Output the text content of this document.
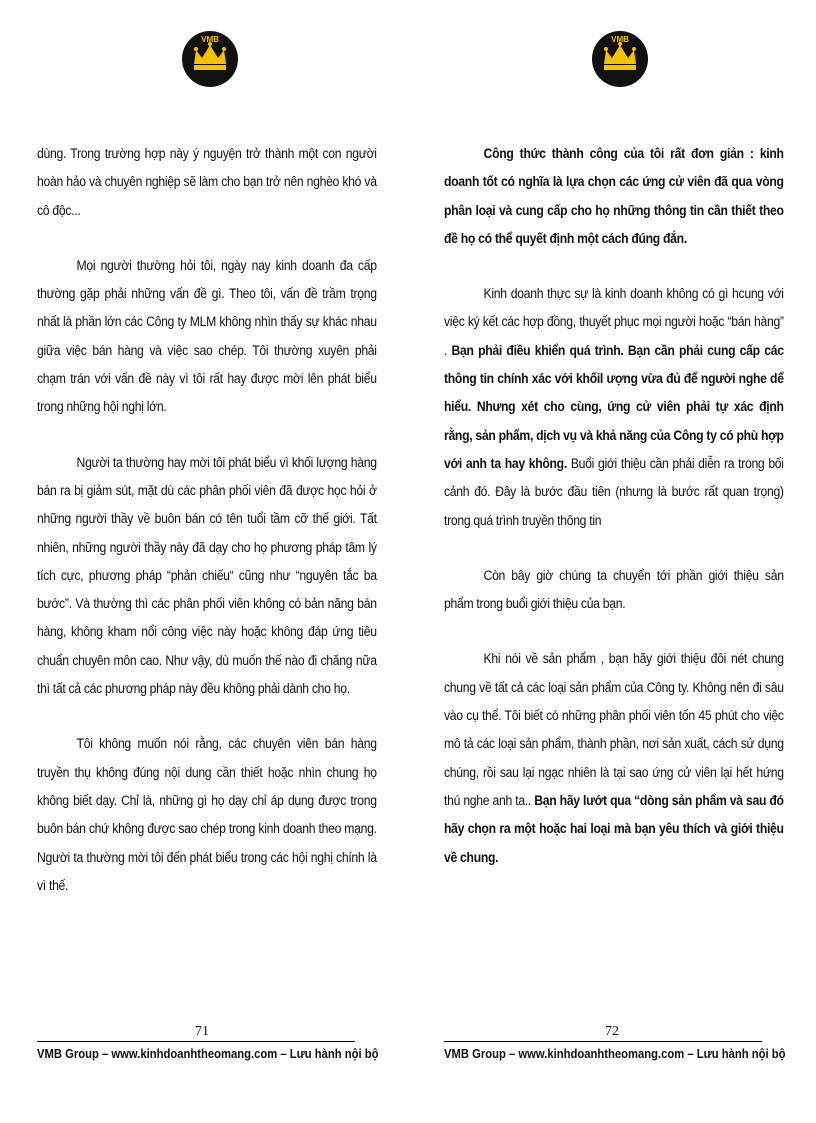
VMB

dùng. Trong trường hợp này ý nguyện trở thành một con người hoàn hảo và chuyên nghiệp sẽ làm cho bạn trở nên nghèo khó và cô độc...

Mọi người thường hỏi tôi, ngày nay kinh doanh đa cấp thường gặp phải những vấn đề gì. Theo tôi, vấn đề trầm trọng nhất là phần lớn các Công ty MLM không nhìn thấy sự khác nhau giữa việc bán hàng và việc sao chép. Tôi thường xuyên phải chạm trán với vấn đề này vì tôi rất hay được mời lên phát biểu trong những hội nghị lớn.

Người ta thường hay mời tôi phát biểu vì khối lượng hàng bán ra bị giảm sút, mặt dù các phân phối viên đã được học hỏi ở những người thầy về buôn bán có tên tuổi tầm cỡ thế giới. Tất nhiên, những người thầy này đã dạy cho họ phương pháp tâm lý tích cực, phương pháp “phản chiếu“ cũng như “nguyên tắc ba bước”. Và thường thì các phân phối viên không có bản năng bán hàng, không kham nổi công việc này hoặc không đáp ứng tiêu chuẩn chuyên môn cao. Như vậy, dù muốn thế nào đi chăng nữa thì tất cả các phương pháp này đều không phải dành cho họ.

Tôi không muốn nói rằng, các chuyên viên bán hàng truyền thụ không đúng nội dung cần thiết hoặc nhìn chung họ không biết dạy. Chỉ là, những gì họ dạy chỉ áp dụng được trong buôn bán chứ không được sao chép trong kinh doanh theo mạng. Người ta thường mời tôi đến phát biểu trong các hội nghị chính là vì thế.

71
VMB Group – www.kinhdoanhtheomang.com – Lưu hành nội bộ
VMB

Công thức thành công của tôi rất đơn giản : kinh doanh tốt có nghĩa là lựa chọn các ứng cử viên đã qua vòng phân loại và cung cấp cho họ những thông tin cần thiết theo đề họ có thể quyết định một cách đúng đắn.

Kinh doanh thực sự là kinh doanh không có gì hcung với việc ký kết các hợp đồng, thuyết phục mọi người hoặc “bán hàng” . Bạn phải điều khiển quá trình. Bạn cần phải cung cấp các thông tin chính xác với khốil ượng vừa đủ để người nghe dể hiểu. Nhưng xét cho cùng, ứng cử viên phải tự xác định rằng, sản phẩm, dịch vụ và khả năng của Công ty có phù hợp với anh ta hay không. Buổi giới thiệu cần phải diễn ra trong bối cảnh đó. Đây là bước đầu tiên (nhưng là bước rất quan trọng) trong quá trình truyền thông tin

Còn bây giờ chúng ta chuyển tới phần giới thiệu sản phẩm trong buổi giới thiệu của bạn.

Khi nói về sản phẩm , bạn hãy giới thiệu đôi nét chung chung về tất cả các loại sản phẩm của Công ty. Không nên đi sâu vào cụ thể. Tôi biết có những phân phối viên tốn 45 phút cho việc mô tả các loại sản phẩm, thành phần, nơi sản xuất, cách sử dụng chúng, rồi sau lại ngạc nhiên là tại sao ứng cử viên lại hết hứng thú nghe anh ta.. Bạn hãy lướt qua “dòng sản phẩm và sau đó hãy chọn ra một hoặc hai loại mà bạn yêu thích và giới thiệu về chung.

72
VMB Group – www.kinhdoanhtheomang.com – Lưu hành nội bộ
